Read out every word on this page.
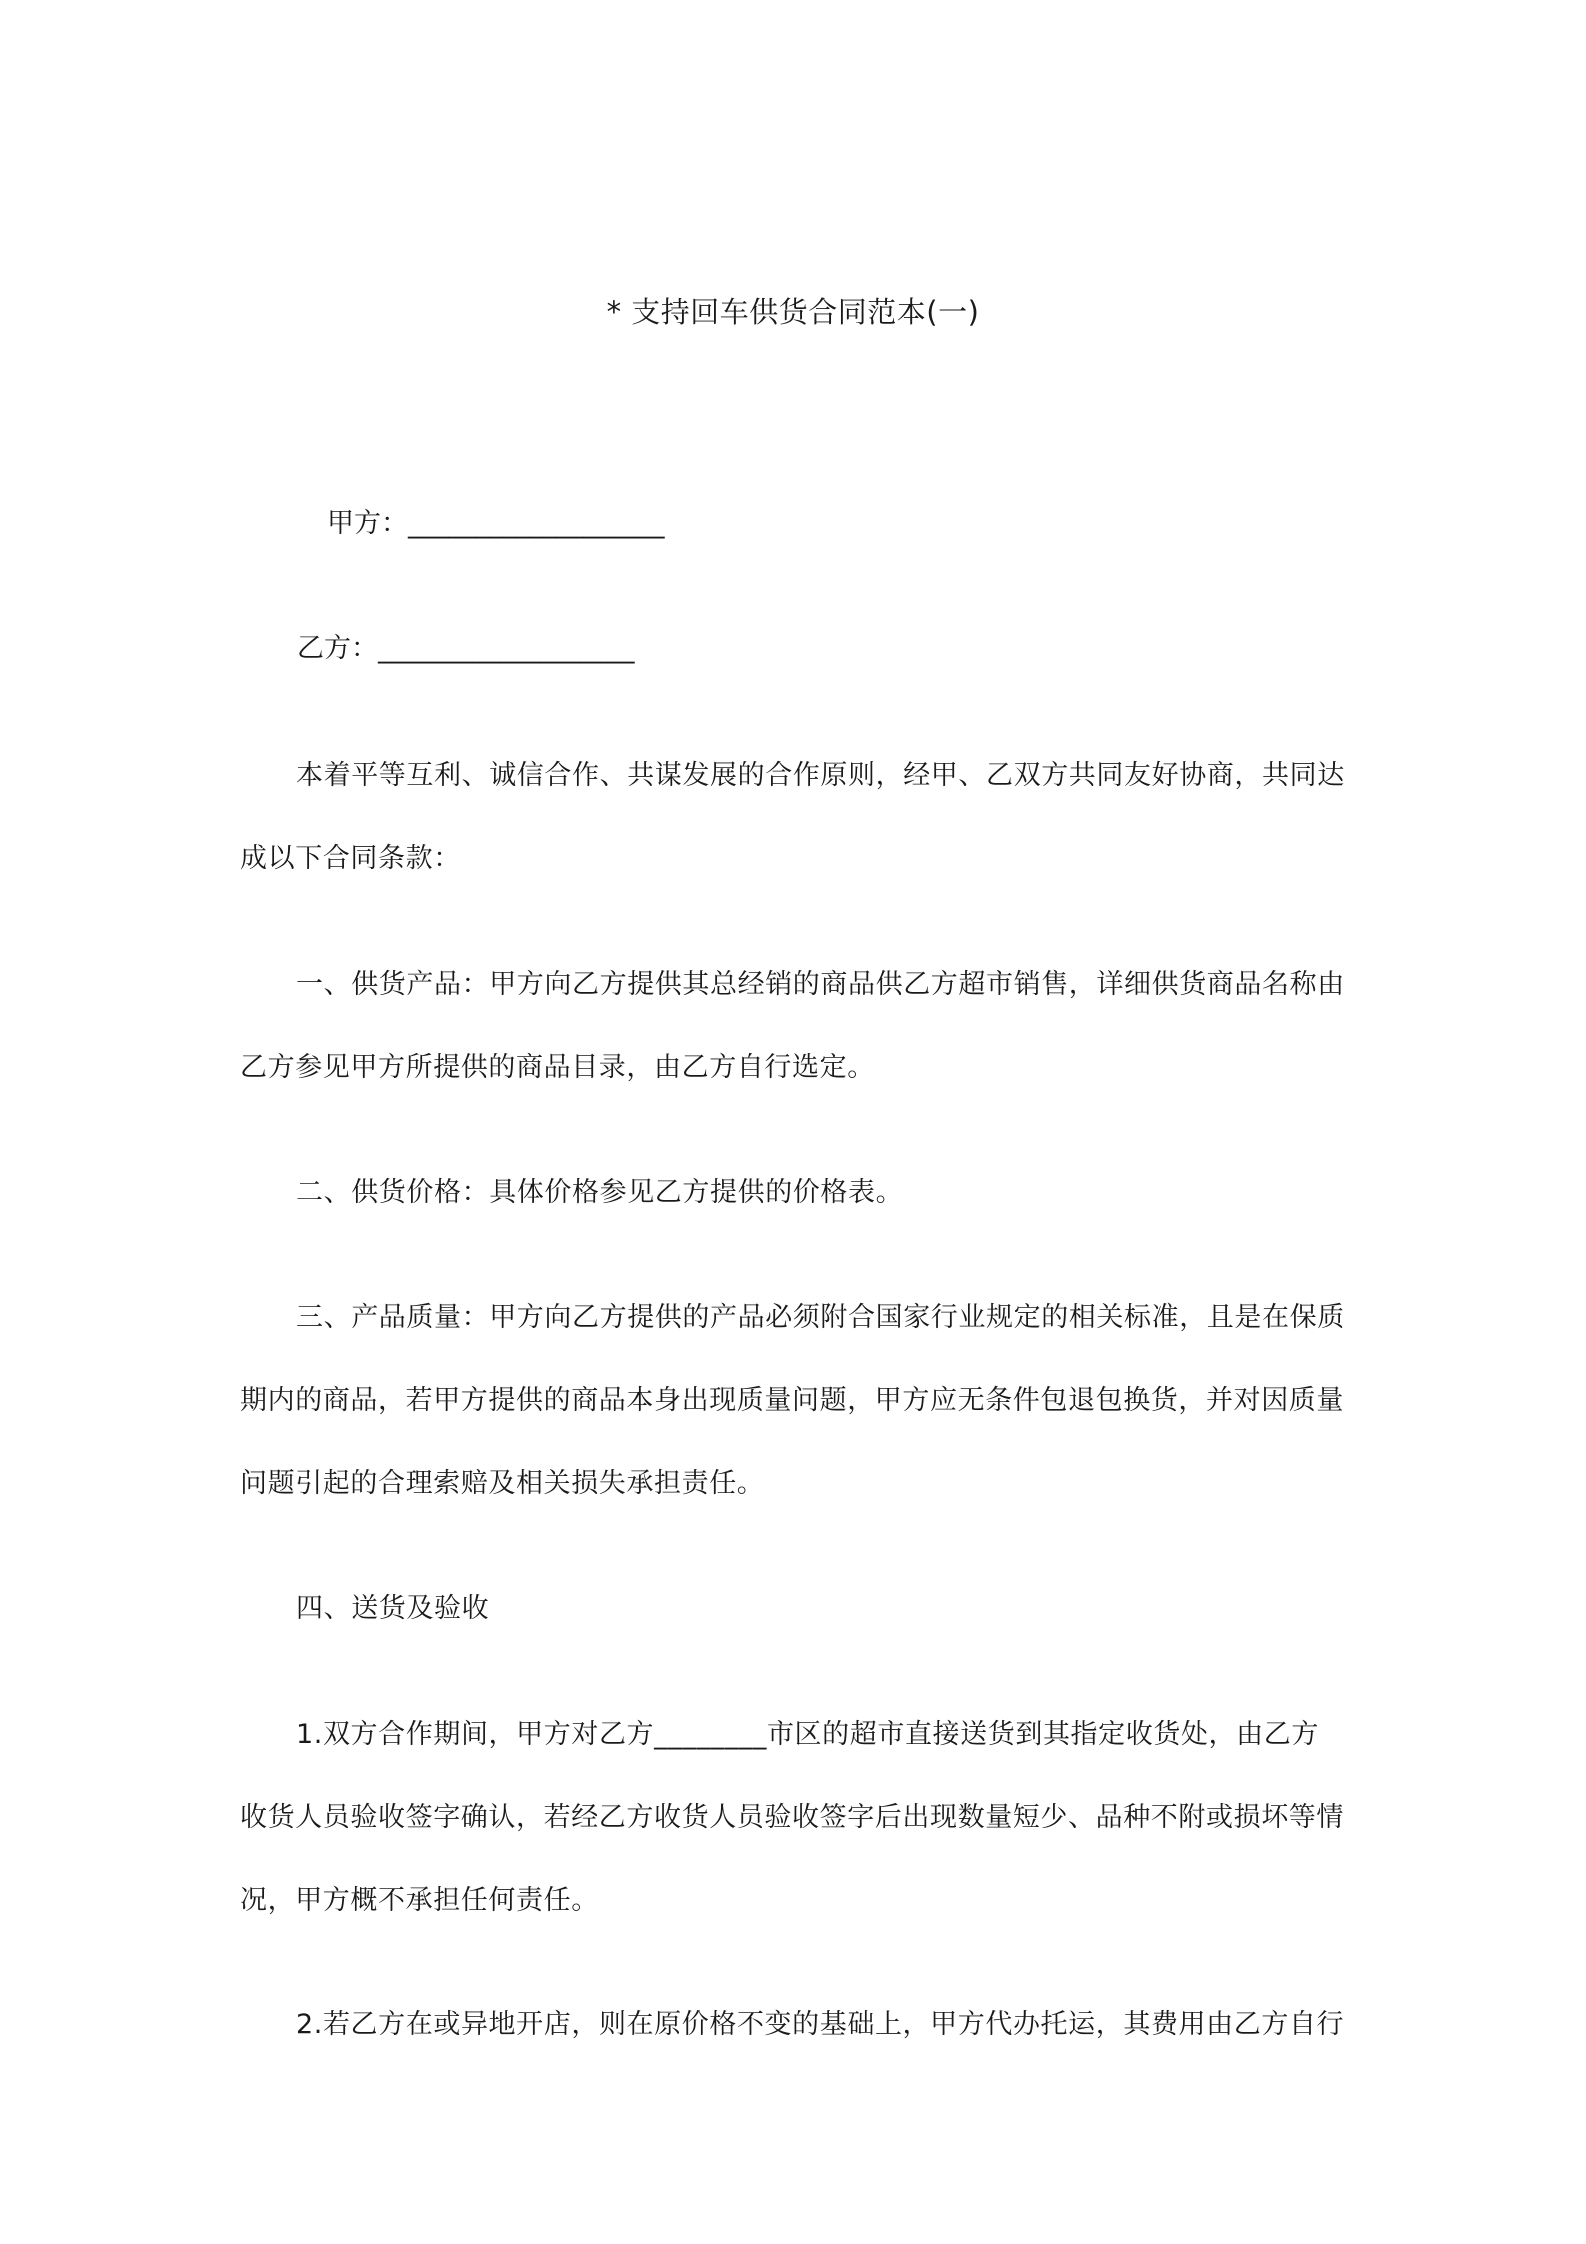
* 支持回车供货合同范本(一)
甲方：___________________
乙方：___________________
本着平等互利、诚信合作、共谋发展的合作原则，经甲、乙双方共同友好协商，共同达
成以下合同条款：
一、供货产品：甲方向乙方提供其总经销的商品供乙方超市销售，详细供货商品名称由
乙方参见甲方所提供的商品目录，由乙方自行选定。
二、供货价格：具体价格参见乙方提供的价格表。
三、产品质量：甲方向乙方提供的产品必须附合国家行业规定的相关标准，且是在保质
期内的商品，若甲方提供的商品本身出现质量问题，甲方应无条件包退包换货，并对因质量
问题引起的合理索赔及相关损失承担责任。
四、送货及验收
1.双方合作期间，甲方对乙方________市区的超市直接送货到其指定收货处，由乙方
收货人员验收签字确认，若经乙方收货人员验收签字后出现数量短少、品种不附或损坏等情
况，甲方概不承担任何责任。
2.若乙方在或异地开店，则在原价格不变的基础上，甲方代办托运，其费用由乙方自行
